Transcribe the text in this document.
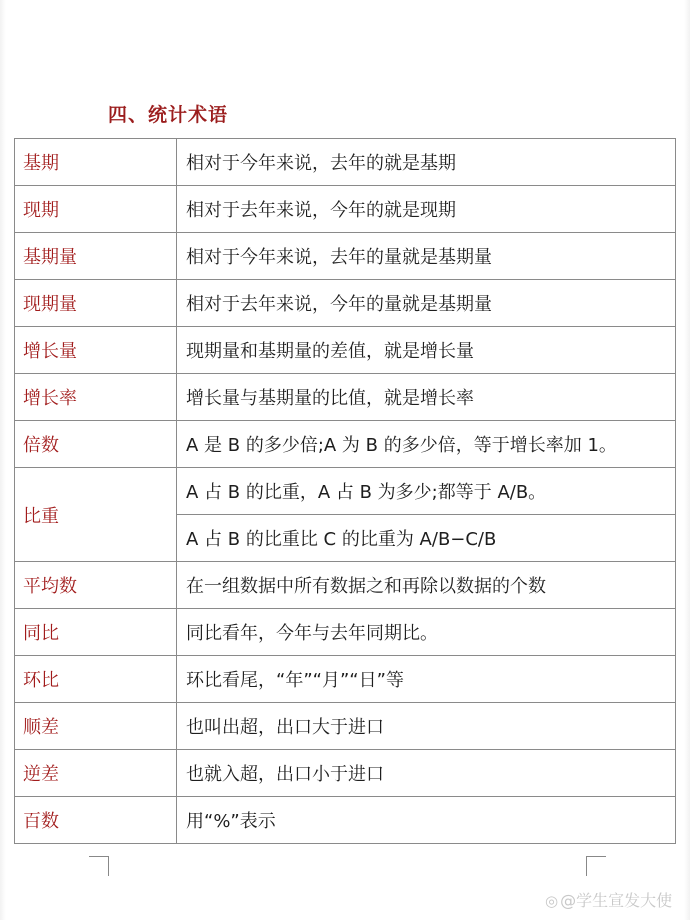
四、统计术语
基期	相对于今年来说，去年的就是基期
现期	相对于去年来说，今年的就是现期
基期量	相对于今年来说，去年的量就是基期量
现期量	相对于去年来说，今年的量就是基期量
增长量	现期量和基期量的差值，就是增长量
增长率	增长量与基期量的比值，就是增长率
倍数	A 是 B 的多少倍;A 为 B 的多少倍，等于增长率加 1。
比重	A 占 B 的比重，A 占 B 为多少;都等于 A/B。
	A 占 B 的比重比 C 的比重为 A/B−C/B
平均数	在一组数据中所有数据之和再除以数据的个数
同比	同比看年，今年与去年同期比。
环比	环比看尾，“年”“月”“日”等
顺差	也叫出超，出口大于进口
逆差	也就入超，出口小于进口
百数	用“%”表示
◎ @学生宣发大使
